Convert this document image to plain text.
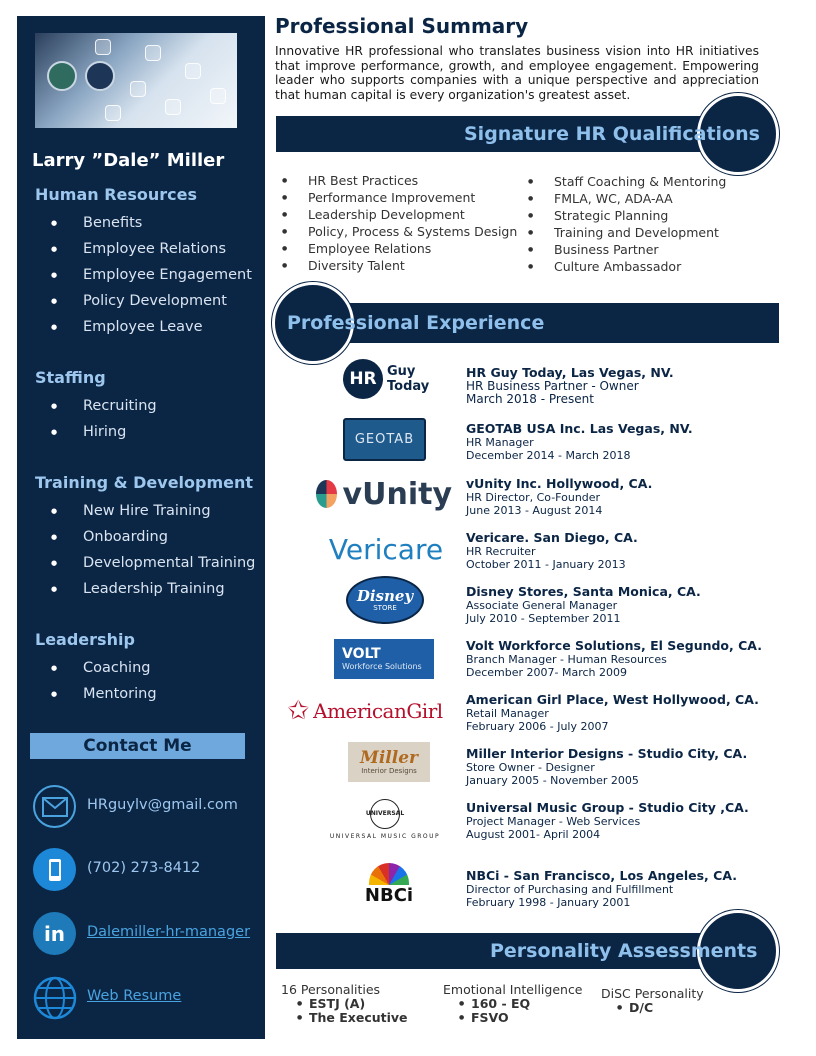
Larry ”Dale” Miller
Human Resources
● Benefits
● Employee Relations
● Employee Engagement
● Policy Development
● Employee Leave
Staffing
● Recruiting
● Hiring
Training & Development
● New Hire Training
● Onboarding
● Developmental Training
● Leadership Training
Leadership
● Coaching
● Mentoring
Contact Me
HRguylv@gmail.com
(702) 273-8412
in Dalemiller-hr-manager
Web Resume
Professional Summary
Innovative HR professional who translates business vision into HR initiatives that improve performance, growth, and employee engagement. Empowering leader who supports companies with a unique perspective and appreciation that human capital is every organization's greatest asset.
Signature HR Qualifications
● HR Best Practices
● Performance Improvement
● Leadership Development
● Policy, Process & Systems Design
● Employee Relations
● Diversity Talent
● Staff Coaching & Mentoring
● FMLA, WC, ADA-AA
● Strategic Planning
● Training and Development
● Business Partner
● Culture Ambassador
Professional Experience
HR Guy Today
GEOTAB
vUnity
Vericare
Disney
STORE
VOLT
Workforce Solutions
✩ AmericanGirl
Miller
Interior Designs
UNIVERSAL
UNIVERSAL MUSIC GROUP
NBCi
HR Guy Today, Las Vegas, NV.
HR Business Partner - Owner
March 2018 - Present
GEOTAB USA Inc. Las Vegas, NV.
HR Manager
December 2014 - March 2018
vUnity Inc. Hollywood, CA.
HR Director, Co-Founder
June 2013 - August 2014
Vericare. San Diego, CA.
HR Recruiter
October 2011 - January 2013
Disney Stores, Santa Monica, CA.
Associate General Manager
July 2010 - September 2011
Volt Workforce Solutions, El Segundo, CA.
Branch Manager - Human Resources
December 2007- March 2009
American Girl Place, West Hollywood, CA.
Retail Manager
February 2006 - July 2007
Miller Interior Designs - Studio City, CA.
Store Owner - Designer
January 2005 - November 2005
Universal Music Group - Studio City ,CA.
Project Manager - Web Services
August 2001- April 2004
NBCi - San Francisco, Los Angeles, CA.
Director of Purchasing and Fulfillment
February 1998 - January 2001
Personality Assessments
16 Personalities
● ESTJ (A)
● The Executive
Emotional Intelligence
● 160 - EQ
● FSVO
DiSC Personality
● D/C
